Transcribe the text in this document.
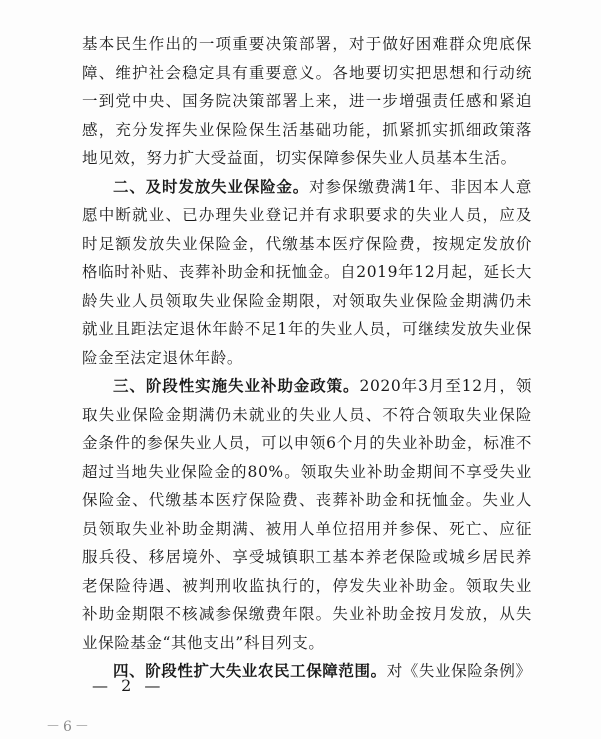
基本民生作出的一项重要决策部署，对于做好困难群众兜底保障、维护社会稳定具有重要意义。各地要切实把思想和行动统一到党中央、国务院决策部署上来，进一步增强责任感和紧迫感，充分发挥失业保险保生活基础功能，抓紧抓实抓细政策落地见效，努力扩大受益面，切实保障参保失业人员基本生活。

二、及时发放失业保险金。对参保缴费满1年、非因本人意愿中断就业、已办理失业登记并有求职要求的失业人员，应及时足额发放失业保险金，代缴基本医疗保险费，按规定发放价格临时补贴、丧葬补助金和抚恤金。自2019年12月起，延长大龄失业人员领取失业保险金期限，对领取失业保险金期满仍未就业且距法定退休年龄不足1年的失业人员，可继续发放失业保险金至法定退休年龄。

三、阶段性实施失业补助金政策。2020年3月至12月，领取失业保险金期满仍未就业的失业人员、不符合领取失业保险金条件的参保失业人员，可以申领6个月的失业补助金，标准不超过当地失业保险金的80%。领取失业补助金期间不享受失业保险金、代缴基本医疗保险费、丧葬补助金和抚恤金。失业人员领取失业补助金期满、被用人单位招用并参保、死亡、应征服兵役、移居境外、享受城镇职工基本养老保险或城乡居民养老保险待遇、被判刑收监执行的，停发失业补助金。领取失业补助金期限不核减参保缴费年限。失业补助金按月发放，从失业保险基金“其他支出”科目列支。

四、阶段性扩大失业农民工保障范围。对《失业保险条例》

— 2 —
－6－
